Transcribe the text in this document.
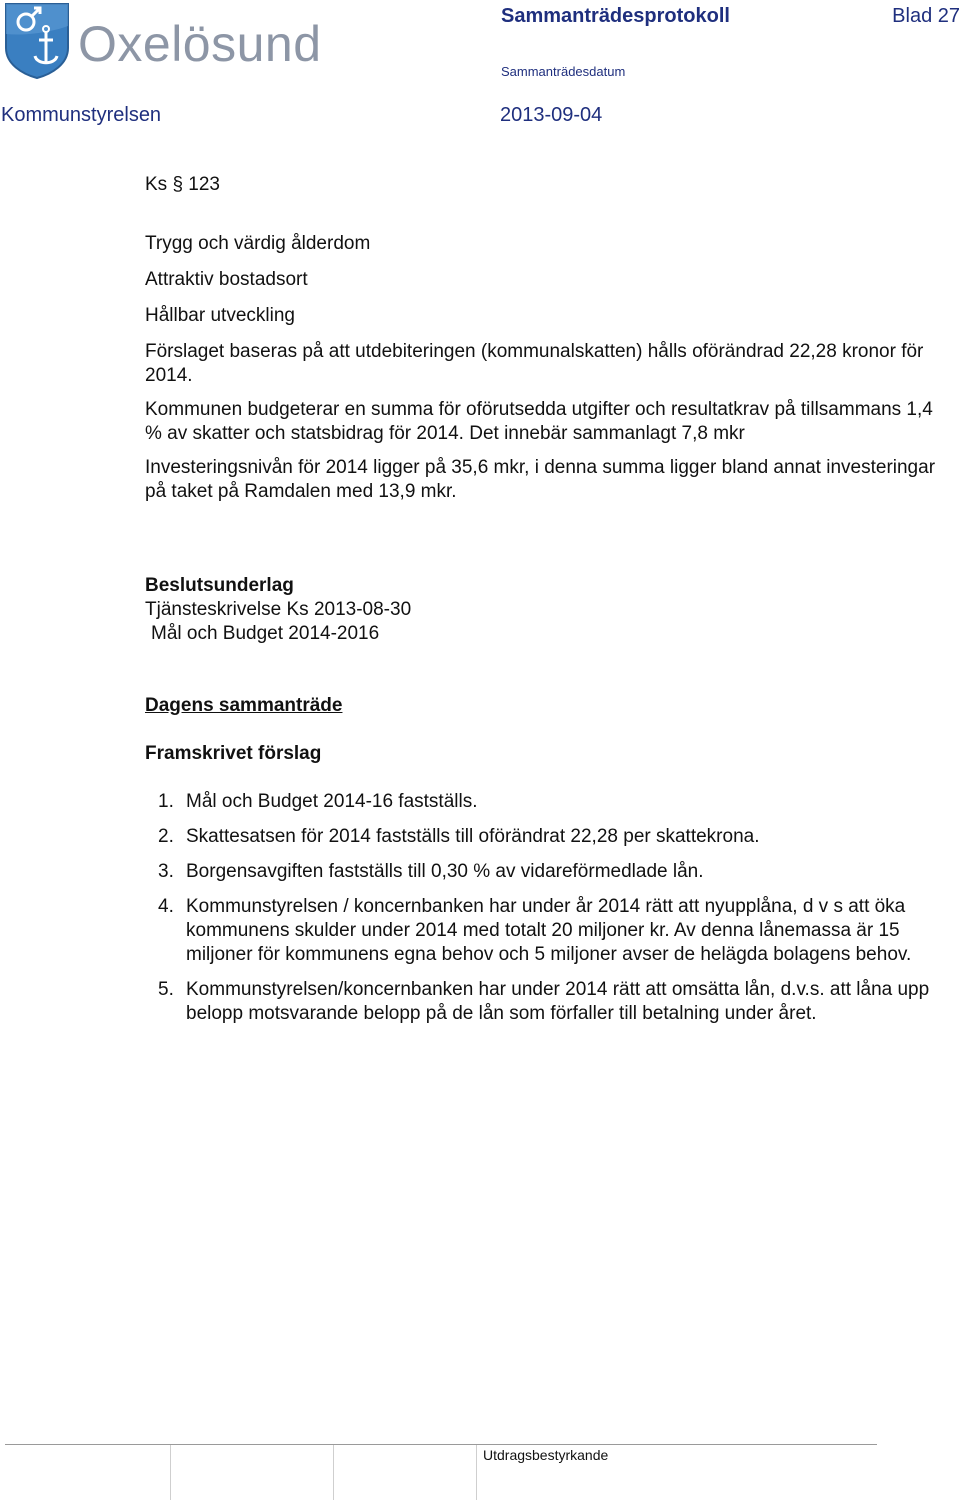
Oxelösund	Sammanträdesprotokoll	Blad 27
Sammanträdesdatum
Kommunstyrelsen	2013-09-04

Ks § 123

Trygg och värdig ålderdom

Attraktiv bostadsort

Hållbar utveckling

Förslaget baseras på att utdebiteringen (kommunalskatten) hålls oförändrad 22,28 kronor för 2014.

Kommunen budgeterar en summa för oförutsedda utgifter och resultatkrav på tillsammans 1,4 % av skatter och statsbidrag för 2014. Det innebär sammanlagt 7,8 mkr

Investeringsnivån för 2014 ligger på 35,6 mkr, i denna summa ligger bland annat investeringar på taket på Ramdalen med 13,9 mkr.

Beslutsunderlag

Tjänsteskrivelse Ks 2013-08-30

Mål och Budget 2014-2016

Dagens sammanträde

Framskrivet förslag

1. Mål och Budget 2014-16 fastställs.
2. Skattesatsen för 2014 fastställs till oförändrat 22,28 per skattekrona.
3. Borgensavgiften fastställs till 0,30 % av vidareförmedlade lån.
4. Kommunstyrelsen / koncernbanken har under år 2014 rätt att nyupplåna, d v s att öka kommunens skulder under 2014 med totalt 20 miljoner kr. Av denna lånemassa är 15 miljoner för kommunens egna behov och 5 miljoner avser de helägda bolagens behov.
5. Kommunstyrelsen/koncernbanken har under 2014 rätt att omsätta lån, d.v.s. att låna upp belopp motsvarande belopp på de lån som förfaller till betalning under året.
Utdragsbestyrkande
